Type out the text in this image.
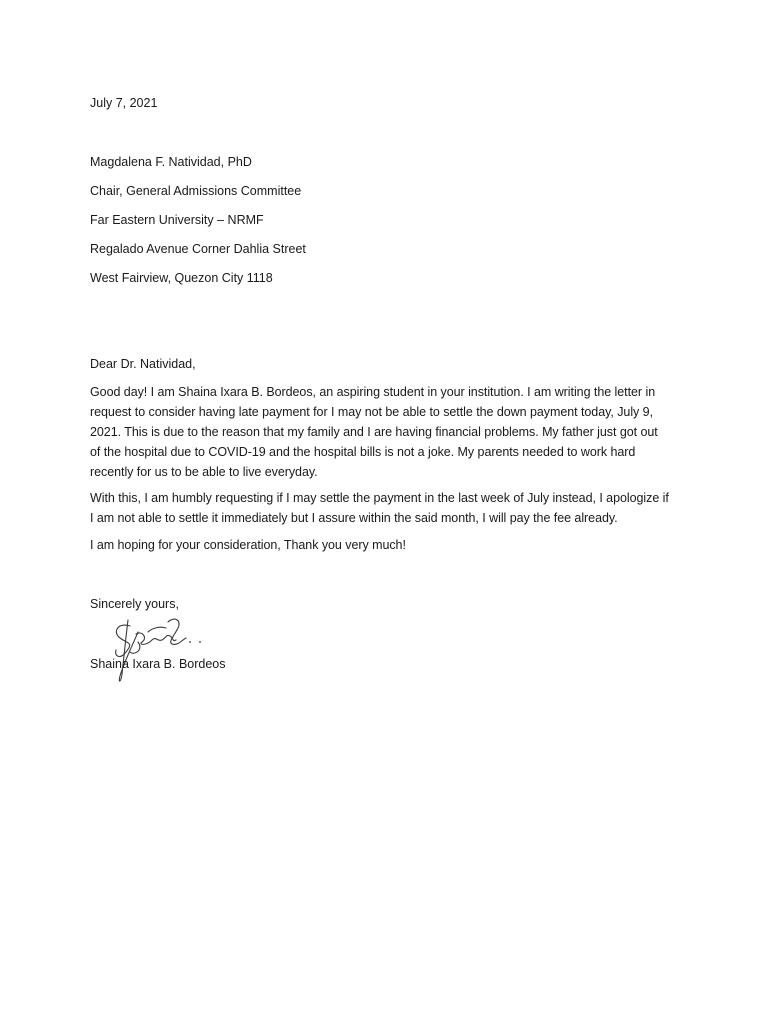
July 7, 2021
Magdalena F. Natividad, PhD
Chair, General Admissions Committee
Far Eastern University – NRMF
Regalado Avenue Corner Dahlia Street
West Fairview, Quezon City 1118
Dear Dr. Natividad,
Good day! I am Shaina Ixara B. Bordeos, an aspiring student in your institution. I am writing the letter in request to consider having late payment for I may not be able to settle the down payment today, July 9, 2021. This is due to the reason that my family and I are having financial problems. My father just got out of the hospital due to COVID-19 and the hospital bills is not a joke. My parents needed to work hard recently for us to be able to live everyday.
With this, I am humbly requesting if I may settle the payment in the last week of July instead, I apologize if I am not able to settle it immediately but I assure within the said month, I will pay the fee already.
I am hoping for your consideration, Thank you very much!
Sincerely yours,
Shaina Ixara B. Bordeos
